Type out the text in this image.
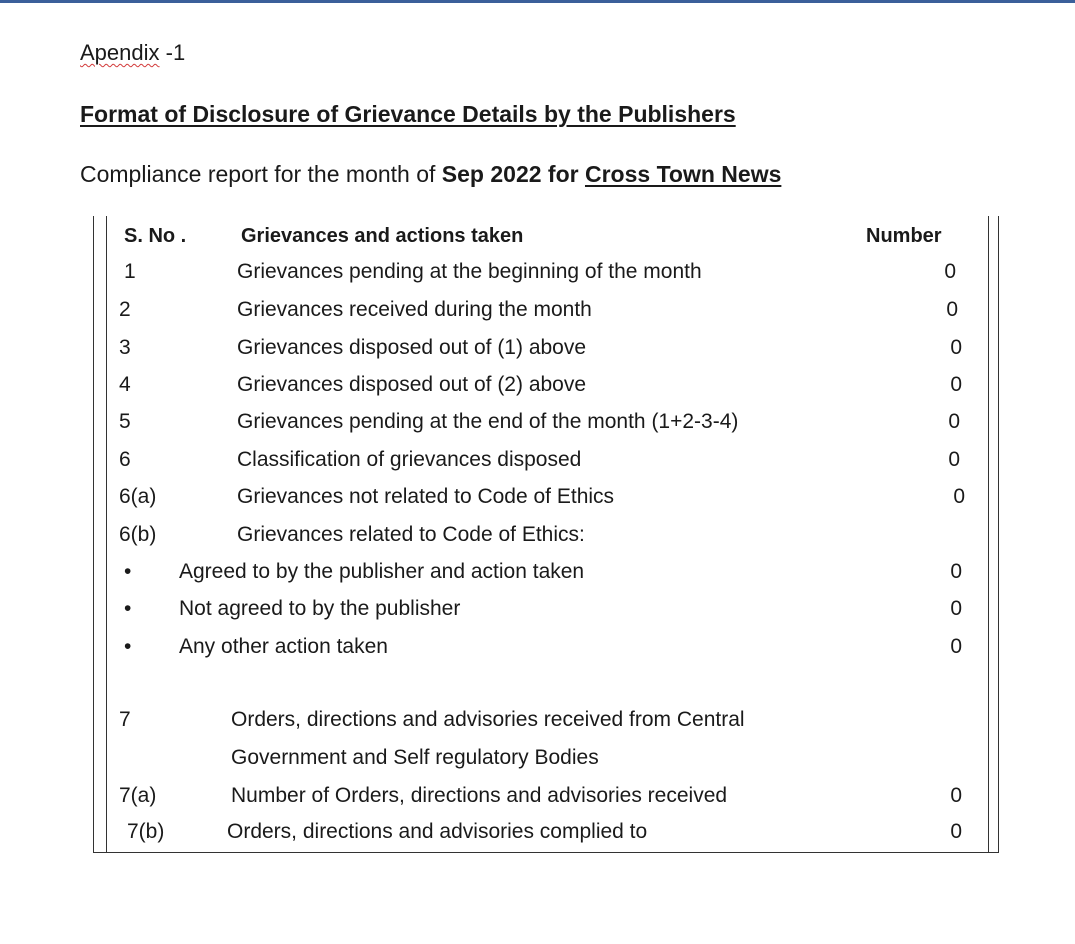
Apendix -1
Format of Disclosure of Grievance Details by the Publishers
Compliance report for the month of Sep 2022 for Cross Town News
S. No .	Grievances and actions taken	Number
1	Grievances pending at the beginning of the month	0
2	Grievances received during the month	0
3	Grievances disposed out of (1) above	0
4	Grievances disposed out of (2) above	0
5	Grievances pending at the end of the month (1+2-3-4)	0
6	Classification of grievances disposed	0
6(a)	Grievances not related to Code of Ethics	0
6(b)	Grievances related to Code of Ethics:
• Agreed to by the publisher and action taken	0
• Not agreed to by the publisher	0
• Any other action taken	0
7	Orders, directions and advisories received from Central
Government and Self regulatory Bodies
7(a)	Number of Orders, directions and advisories received	0
7(b)	Orders, directions and advisories complied to	0
